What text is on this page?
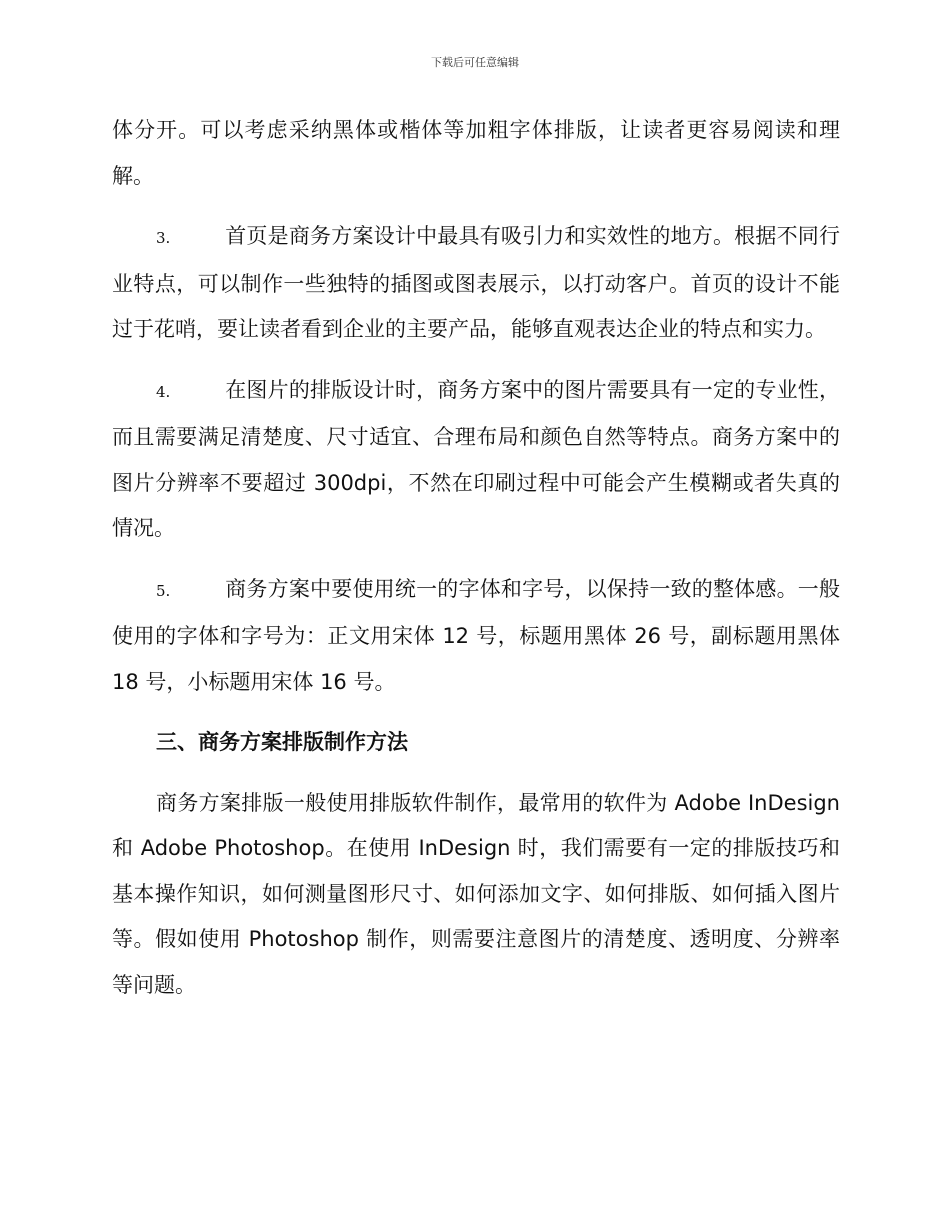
下载后可任意编辑

体分开。可以考虑采纳黑体或楷体等加粗字体排版，让读者更容易阅读和理解。

3.	首页是商务方案设计中最具有吸引力和实效性的地方。根据不同行业特点，可以制作一些独特的插图或图表展示，以打动客户。首页的设计不能过于花哨，要让读者看到企业的主要产品，能够直观表达企业的特点和实力。

4.	在图片的排版设计时，商务方案中的图片需要具有一定的专业性，而且需要满足清楚度、尺寸适宜、合理布局和颜色自然等特点。商务方案中的图片分辨率不要超过 300dpi，不然在印刷过程中可能会产生模糊或者失真的情况。

5.	商务方案中要使用统一的字体和字号，以保持一致的整体感。一般使用的字体和字号为：正文用宋体 12 号，标题用黑体 26 号，副标题用黑体 18 号，小标题用宋体 16 号。

三、商务方案排版制作方法

商务方案排版一般使用排版软件制作，最常用的软件为 Adobe InDesign 和 Adobe Photoshop。在使用 InDesign 时，我们需要有一定的排版技巧和基本操作知识，如何测量图形尺寸、如何添加文字、如何排版、如何插入图片等。假如使用 Photoshop 制作，则需要注意图片的清楚度、透明度、分辨率等问题。
